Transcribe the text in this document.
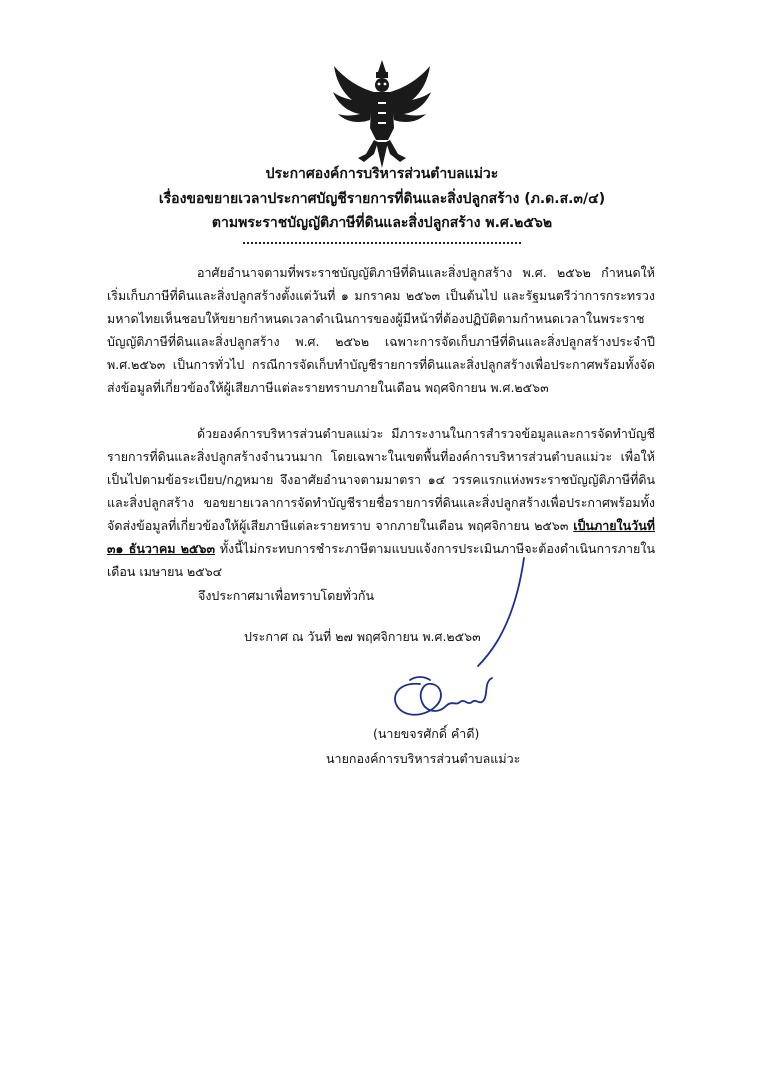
ประกาศองค์การบริหารส่วนตำบลแม่วะ
เรื่องขอขยายเวลาประกาศบัญชีรายการที่ดินและสิ่งปลูกสร้าง (ภ.ด.ส.๓/๔)
ตามพระราชบัญญัติภาษีที่ดินและสิ่งปลูกสร้าง พ.ศ.๒๕๖๒

อาศัยอำนาจตามที่พระราชบัญญัติภาษีที่ดินและสิ่งปลูกสร้าง พ.ศ. ๒๕๖๒ กำหนดให้เริ่มเก็บภาษีที่ดินและสิ่งปลูกสร้างตั้งแต่วันที่ ๑ มกราคม ๒๕๖๓ เป็นต้นไป และรัฐมนตรีว่าการกระทรวงมหาดไทยเห็นชอบให้ขยายกำหนดเวลาดำเนินการของผู้มีหน้าที่ต้องปฏิบัติตามกำหนดเวลาในพระราชบัญญัติภาษีที่ดินและสิ่งปลูกสร้าง พ.ศ. ๒๕๖๒ เฉพาะการจัดเก็บภาษีที่ดินและสิ่งปลูกสร้างประจำปี พ.ศ.๒๕๖๓ เป็นการทั่วไป กรณีการจัดเก็บทำบัญชีรายการที่ดินและสิ่งปลูกสร้างเพื่อประกาศพร้อมทั้งจัดส่งข้อมูลที่เกี่ยวข้องให้ผู้เสียภาษีแต่ละรายทราบภายในเดือน พฤศจิกายน พ.ศ.๒๕๖๓

ด้วยองค์การบริหารส่วนตำบลแม่วะ มีภาระงานในการสำรวจข้อมูลและการจัดทำบัญชีรายการที่ดินและสิ่งปลูกสร้างจำนวนมาก โดยเฉพาะในเขตพื้นที่องค์การบริหารส่วนตำบลแม่วะ เพื่อให้เป็นไปตามข้อระเบียบ/กฎหมาย จึงอาศัยอำนาจตามมาตรา ๑๔ วรรคแรกแห่งพระราชบัญญัติภาษีที่ดินและสิ่งปลูกสร้าง ขอขยายเวลาการจัดทำบัญชีรายชื่อรายการที่ดินและสิ่งปลูกสร้างเพื่อประกาศพร้อมทั้ง จัดส่งข้อมูลที่เกี่ยวข้องให้ผู้เสียภาษีแต่ละรายทราบ จากภายในเดือน พฤศจิกายน ๒๕๖๓ เป็นภายในวันที่ ๓๑ ธันวาคม ๒๕๖๓ ทั้งนี้ไม่กระทบการชำระภาษีตามแบบแจ้งการประเมินภาษีจะต้องดำเนินการภายในเดือน เมษายน ๒๕๖๔

จึงประกาศมาเพื่อทราบโดยทั่วกัน
ประกาศ ณ วันที่ ๒๗ พฤศจิกายน พ.ศ.๒๕๖๓
(นายขจรศักดิ์ คำดี)
นายกองค์การบริหารส่วนตำบลแม่วะ
